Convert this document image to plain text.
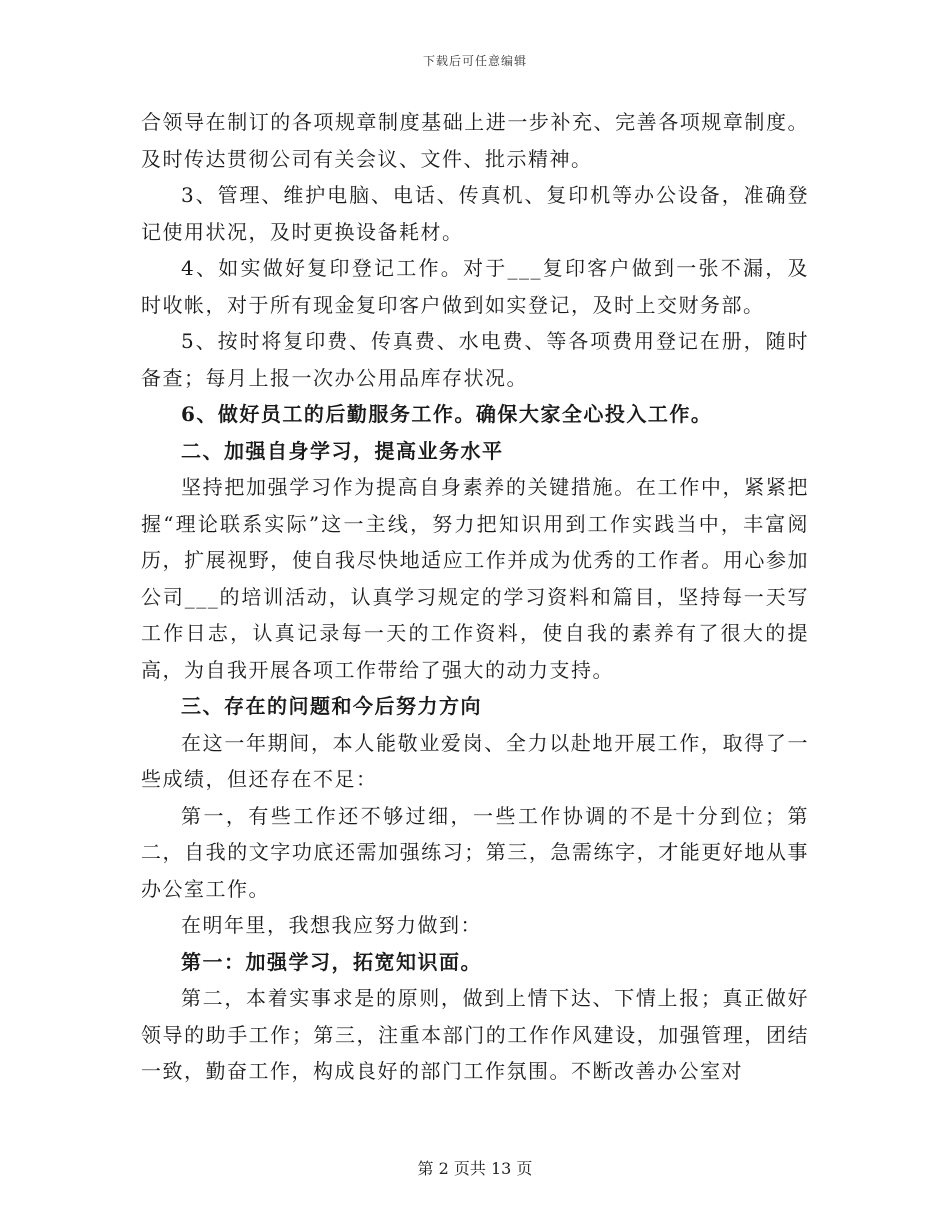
下载后可任意编辑

合领导在制订的各项规章制度基础上进一步补充、完善各项规章制度。及时传达贯彻公司有关会议、文件、批示精神。

3、管理、维护电脑、电话、传真机、复印机等办公设备，准确登记使用状况，及时更换设备耗材。

4、如实做好复印登记工作。对于___复印客户做到一张不漏，及时收帐，对于所有现金复印客户做到如实登记，及时上交财务部。

5、按时将复印费、传真费、水电费、等各项费用登记在册，随时备查；每月上报一次办公用品库存状况。

6、做好员工的后勤服务工作。确保大家全心投入工作。

二、加强自身学习，提高业务水平

坚持把加强学习作为提高自身素养的关键措施。在工作中，紧紧把握“理论联系实际”这一主线，努力把知识用到工作实践当中，丰富阅历，扩展视野，使自我尽快地适应工作并成为优秀的工作者。用心参加公司___的培训活动，认真学习规定的学习资料和篇目，坚持每一天写工作日志，认真记录每一天的工作资料，使自我的素养有了很大的提高，为自我开展各项工作带给了强大的动力支持。

三、存在的问题和今后努力方向

在这一年期间，本人能敬业爱岗、全力以赴地开展工作，取得了一些成绩，但还存在不足：

第一，有些工作还不够过细，一些工作协调的不是十分到位；第二，自我的文字功底还需加强练习；第三，急需练字，才能更好地从事办公室工作。

在明年里，我想我应努力做到：

第一：加强学习，拓宽知识面。

第二，本着实事求是的原则，做到上情下达、下情上报；真正做好领导的助手工作；第三，注重本部门的工作作风建设，加强管理，团结一致，勤奋工作，构成良好的部门工作氛围。不断改善办公室对

第 2 页共 13 页
